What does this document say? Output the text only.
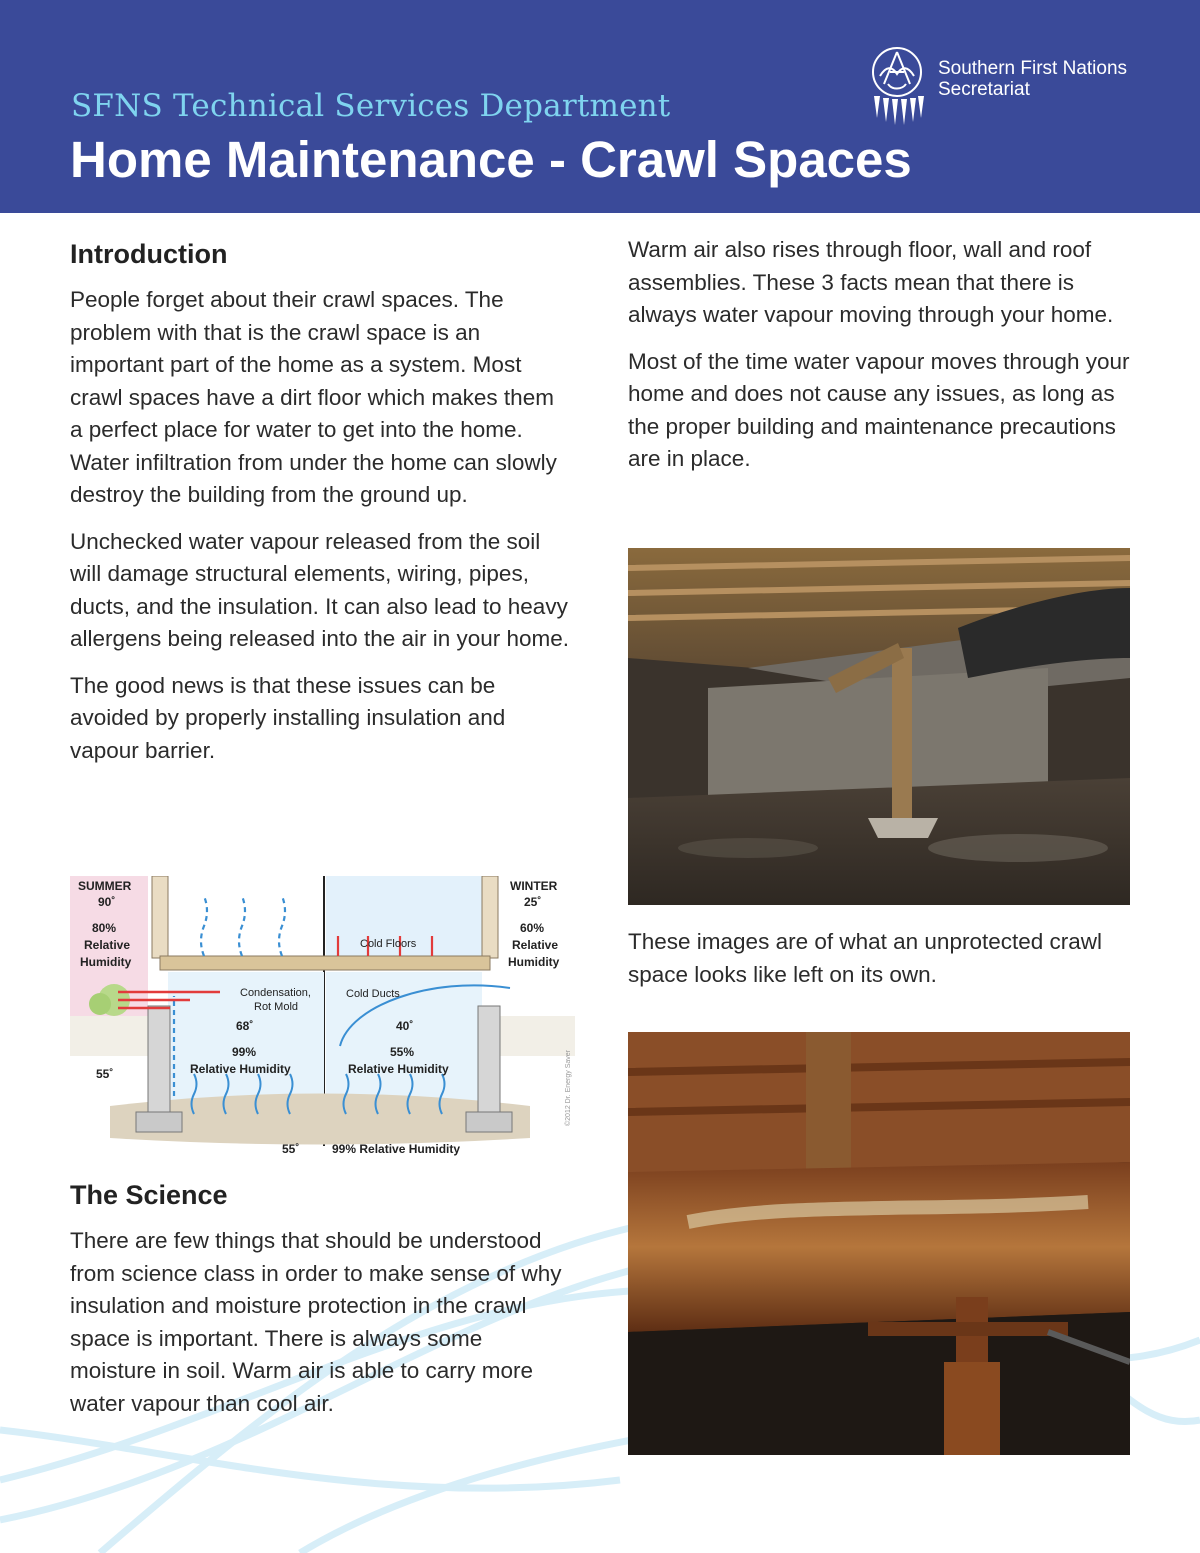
SFNS Technical Services Department
Home Maintenance - Crawl Spaces
Southern First Nations
Secretariat
Introduction

People forget about their crawl spaces. The problem with that is the crawl space is an important part of the home as a system. Most crawl spaces have a dirt floor which makes them a perfect place for water to get into the home. Water infiltration from under the home can slowly destroy the building from the ground up.

Unchecked water vapour released from the soil will damage structural elements, wiring, pipes, ducts, and the insulation. It can also lead to heavy allergens being released into the air in your home.

The good news is that these issues can be avoided by properly installing insulation and vapour barrier.

SUMMER
90˚
80%
Relative
Humidity
WINTER
25˚
60%
Relative
Humidity
Cold Floors
Condensation,
Rot Mold
Cold Ducts
68˚
99%
Relative Humidity
40˚
55%
Relative Humidity
55˚
55˚	99% Relative Humidity
©2012 Dr. Energy Saver
The Science

There are few things that should be understood from science class in order to make sense of why insulation and moisture protection in the crawl space is important. There is always some moisture in soil. Warm air is able to carry more water vapour than cool air.

Warm air also rises through floor, wall and roof assemblies. These 3 facts mean that there is always water vapour moving through your home.

Most of the time water vapour moves through your home and does not cause any issues, as long as the proper building and maintenance precautions are in place.

These images are of what an unprotected crawl space looks like left on its own.
